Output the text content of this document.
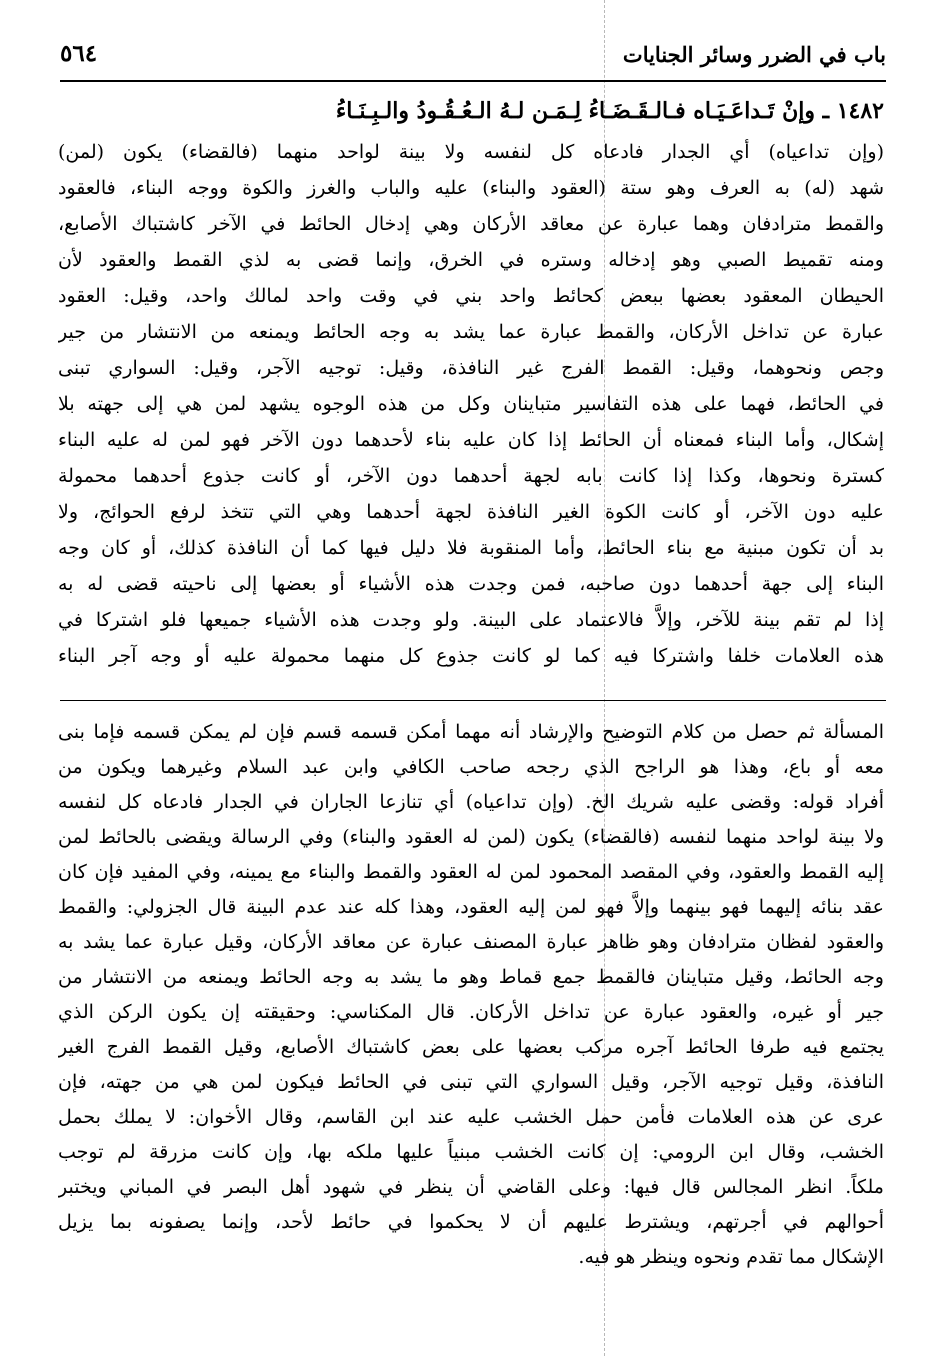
باب في الضرر وسائر الجنايات
٥٦٤
١٤٨٢ ـ وإنْ تَـداعَـيَـاه فـالـقَـضَـاءُ لِـمَـن لـهُ الـعُـقُـودُ والـبِـنَـاءُ
(وإن تداعياه) أي الجدار فادعاه كل لنفسه ولا بينة لواحد منهما (فالقضاء) يكون (لمن)
شهد (له) به العرف وهو ستة (العقود والبناء) عليه والباب والغرز والكوة ووجه البناء، فالعقود
والقمط مترادفان وهما عبارة عن معاقد الأركان وهي إدخال الحائط في الآخر كاشتباك الأصابع،
ومنه تقميط الصبي وهو إدخاله وستره في الخرق، وإنما قضى به لذي القمط والعقود لأن
الحيطان المعقود بعضها ببعض كحائط واحد بني في وقت واحد لمالك واحد، وقيل: العقود
عبارة عن تداخل الأركان، والقمط عبارة عما يشد به وجه الحائط ويمنعه من الانتشار من جير
وجص ونحوهما، وقيل: القمط الفرج غير النافذة، وقيل: توجيه الآجر، وقيل: السواري تبنى
في الحائط، فهما على هذه التفاسير متباينان وكل من هذه الوجوه يشهد لمن هي إلى جهته بلا
إشكال، وأما البناء فمعناه أن الحائط إذا كان عليه بناء لأحدهما دون الآخر فهو لمن له عليه البناء
كسترة ونحوها، وكذا إذا كانت بابه لجهة أحدهما دون الآخر، أو كانت جذوع أحدهما محمولة
عليه دون الآخر، أو كانت الكوة الغير النافذة لجهة أحدهما وهي التي تتخذ لرفع الحوائج، ولا
بد أن تكون مبنية مع بناء الحائط، وأما المنقوبة فلا دليل فيها كما أن النافذة كذلك، أو كان وجه
البناء إلى جهة أحدهما دون صاحبه، فمن وجدت هذه الأشياء أو بعضها إلى ناحيته قضى له به
إذا لم تقم بينة للآخر، وإلاَّ فالاعتماد على البينة. ولو وجدت هذه الأشياء جميعها فلو اشتركا في
هذه العلامات خلفا واشتركا فيه كما لو كانت جذوع كل منهما محمولة عليه أو وجه آجر البناء
المسألة ثم حصل من كلام التوضيح والإرشاد أنه مهما أمكن قسمه قسم فإن لم يمكن قسمه فإما بنى
معه أو باع، وهذا هو الراجح الذي رجحه صاحب الكافي وابن عبد السلام وغيرهما ويكون من
أفراد قوله: وقضى عليه شريك الخ. (وإن تداعياه) أي تنازعا الجاران في الجدار فادعاه كل لنفسه
ولا بينة لواحد منهما لنفسه (فالقضاء) يكون (لمن له العقود والبناء) وفي الرسالة ويقضى بالحائط لمن
إليه القمط والعقود، وفي المقصد المحمود لمن له العقود والقمط والبناء مع يمينه، وفي المفيد فإن كان
عقد بنائه إليهما فهو بينهما وإلاَّ فهو لمن إليه العقود، وهذا كله عند عدم البينة قال الجزولي: والقمط
والعقود لفظان مترادفان وهو ظاهر عبارة المصنف عبارة عن معاقد الأركان، وقيل عبارة عما يشد به
وجه الحائط، وقيل متباينان فالقمط جمع قماط وهو ما يشد به وجه الحائط ويمنعه من الانتشار من
جير أو غيره، والعقود عبارة عن تداخل الأركان. قال المكناسي: وحقيقته إن يكون الركن الذي
يجتمع فيه طرفا الحائط آجره مركب بعضها على بعض كاشتباك الأصابع، وقيل القمط الفرج الغير
النافذة، وقيل توجيه الآجر، وقيل السواري التي تبنى في الحائط فيكون لمن هي من جهته، فإن
عرى عن هذه العلامات فأمن حمل الخشب عليه عند ابن القاسم، وقال الأخوان: لا يملك بحمل
الخشب، وقال ابن الرومي: إن كانت الخشب مبنياً عليها ملكه بها، وإن كانت مزرقة لم توجب
ملكاً. انظر المجالس قال فيها: وعلى القاضي أن ينظر في شهود أهل البصر في المباني ويختبر
أحوالهم في أجرتهم، ويشترط عليهم أن لا يحكموا في حائط لأحد، وإنما يصفونه بما يزيل
الإشكال مما تقدم ونحوه وينظر هو فيه.
